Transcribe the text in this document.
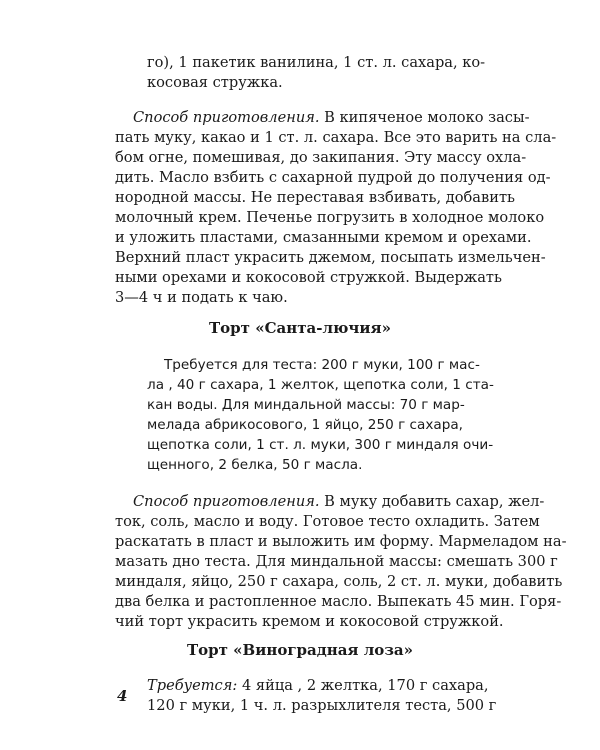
го), 1 пакетик ванилина, 1 ст. л. сахара, ко-
косовая стружка.
Способ приготовления. В кипяченое молоко засы-
пать муку, какао и 1 ст. л. сахара. Все это варить на сла-
бом огне, помешивая, до закипания. Эту массу охла-
дить. Масло взбить с сахарной пудрой до получения од-
нородной массы. Не переставая взбивать, добавить
молочный крем. Печенье погрузить в холодное молоко
и уложить пластами, смазанными кремом и орехами.
Верхний пласт украсить джемом, посыпать измельчен-
ными орехами и кокосовой стружкой. Выдержать
3—4 ч и подать к чаю.
Торт «Санта-лючия»
Требуется для теста: 200 г муки, 100 г мас-
ла , 40 г сахара, 1 желток, щепотка соли, 1 ста-
кан воды. Для миндальной массы: 70 г мар-
мелада абрикосового, 1 яйцо, 250 г сахара,
щепотка соли, 1 ст. л. муки, 300 г миндаля очи-
щенного, 2 белка, 50 г масла.
Способ приготовления. В муку добавить сахар, жел-
ток, соль, масло и воду. Готовое тесто охладить. Затем
раскатать в пласт и выложить им форму. Мармеладом на-
мазать дно теста. Для миндальной массы: смешать 300 г
миндаля, яйцо, 250 г сахара, соль, 2 ст. л. муки, добавить
два белка и растопленное масло. Выпекать 45 мин. Горя-
чий торт украсить кремом и кокосовой стружкой.
Торт «Виноградная лоза»
Требуется: 4 яйца , 2 желтка, 170 г сахара,
120 г муки, 1 ч. л. разрыхлителя теста, 500 г
4
